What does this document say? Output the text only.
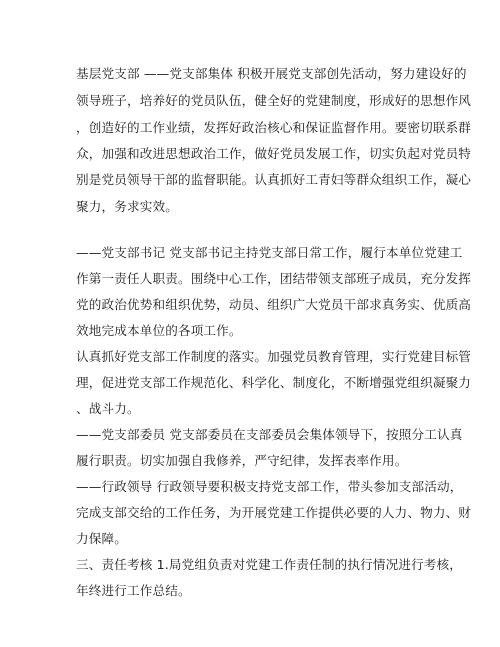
基层党支部 ——党支部集体 积极开展党支部创先活动，努力建设好的
领导班子，培养好的党员队伍，健全好的党建制度，形成好的思想作风
，创造好的工作业绩，发挥好政治核心和保证监督作用。要密切联系群
众，加强和改进思想政治工作，做好党员发展工作，切实负起对党员特
别是党员领导干部的监督职能。认真抓好工青妇等群众组织工作，凝心
聚力，务求实效。
——党支部书记 党支部书记主持党支部日常工作，履行本单位党建工
作第一责任人职责。围绕中心工作，团结带领支部班子成员，充分发挥
党的政治优势和组织优势，动员、组织广大党员干部求真务实、优质高
效地完成本单位的各项工作。
认真抓好党支部工作制度的落实。加强党员教育管理，实行党建目标管
理，促进党支部工作规范化、科学化、制度化，不断增强党组织凝聚力
、战斗力。
——党支部委员 党支部委员在支部委员会集体领导下，按照分工认真
履行职责。切实加强自我修养，严守纪律，发挥表率作用。
——行政领导 行政领导要积极支持党支部工作，带头参加支部活动，
完成支部交给的工作任务，为开展党建工作提供必要的人力、物力、财
力保障。
三、责任考核 1.局党组负责对党建工作责任制的执行情况进行考核，
年终进行工作总结。
